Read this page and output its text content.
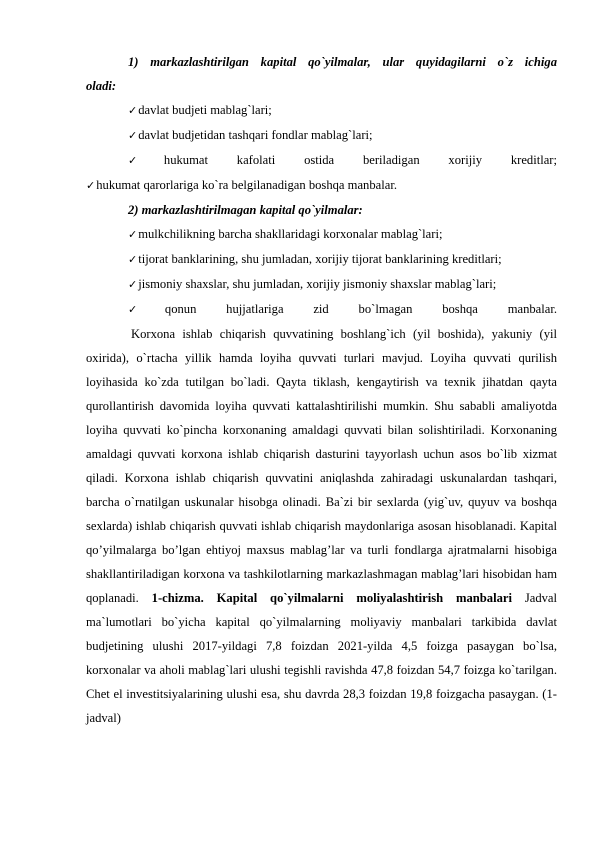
1) markazlashtirilgan kapital qo`yilmalar, ular quyidagilarni o`z ichiga
oladi:
✓davlat budjeti mablag`lari;
✓davlat budjetidan tashqari fondlar mablag`lari;
✓hukumat kafolati ostida beriladigan xorijiy kreditlar;
✓hukumat qarorlariga ko`ra belgilanadigan boshqa manbalar.
2) markazlashtirilmagan kapital qo`yilmalar:
✓mulkchilikning barcha shakllaridagi korxonalar mablag`lari;
✓tijorat banklarining, shu jumladan, xorijiy tijorat banklarining kreditlari;
✓jismoniy shaxslar, shu jumladan, xorijiy jismoniy shaxslar mablag`lari;
✓qonun hujjatlariga zid bo`lmagan boshqa manbalar.

Korxona ishlab chiqarish quvvatining boshlang`ich (yil boshida), yakuniy (yil oxirida), o`rtacha yillik hamda loyiha quvvati turlari mavjud. Loyiha quvvati qurilish loyihasida ko`zda tutilgan bo`ladi. Qayta tiklash, kengaytirish va texnik jihatdan qayta qurollantirish davomida loyiha quvvati kattalashtirilishi mumkin. Shu sababli amaliyotda loyiha quvvati ko`pincha korxonaning amaldagi quvvati bilan solishtiriladi. Korxonaning amaldagi quvvati korxona ishlab chiqarish dasturini tayyorlash uchun asos bo`lib xizmat qiladi. Korxona ishlab chiqarish quvvatini aniqlashda zahiradagi uskunalardan tashqari, barcha o`rnatilgan uskunalar hisobga olinadi. Ba`zi bir sexlarda (yig`uv, quyuv va boshqa sexlarda) ishlab chiqarish quvvati ishlab chiqarish maydonlariga asosan hisoblanadi. Kapital qo’yilmalarga bo’lgan ehtiyoj maxsus mablag’lar va turli fondlarga ajratmalarni hisobiga shakllantiriladigan korxona va tashkilotlarning markazlashmagan mablag’lari hisobidan ham qoplanadi. 1-chizma. Kapital qo`yilmalarni moliyalashtirish manbalari Jadval ma`lumotlari bo`yicha kapital qo`yilmalarning moliyaviy manbalari tarkibida davlat budjetining ulushi 2017-yildagi 7,8 foizdan 2021-yilda 4,5 foizga pasaygan bo`lsa, korxonalar va aholi mablag`lari ulushi tegishli ravishda 47,8 foizdan 54,7 foizga ko`tarilgan. Chet el investitsiyalarining ulushi esa, shu davrda 28,3 foizdan 19,8 foizgacha pasaygan. (1- jadval)
